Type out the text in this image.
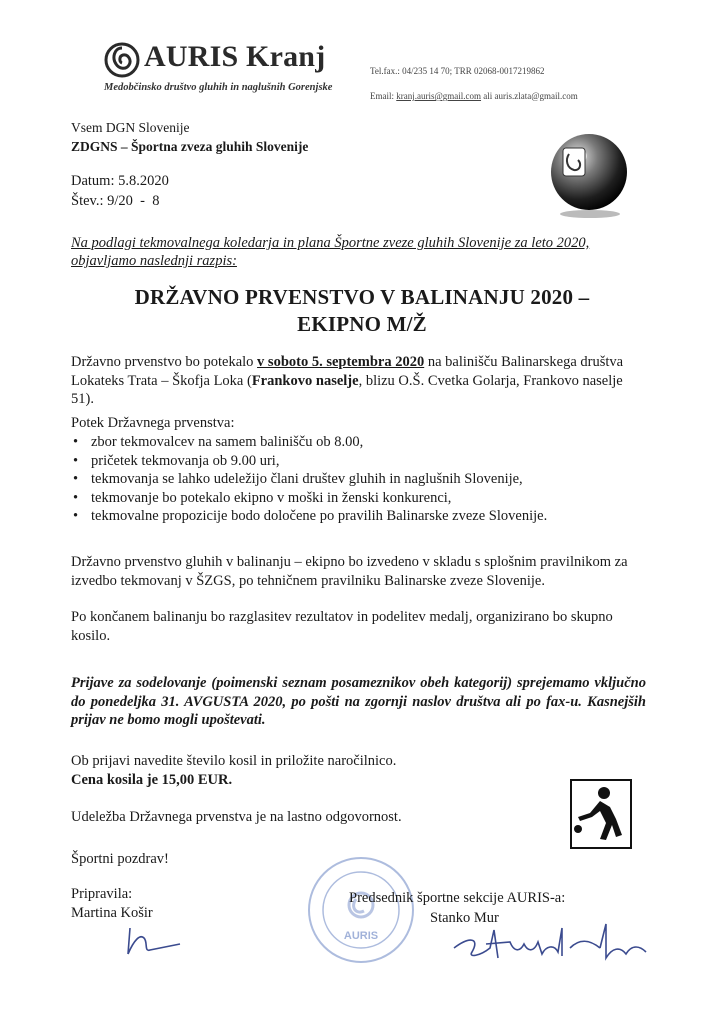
AURIS Kranj
Medobčinsko društvo gluhih in naglušnih Gorenjske
Tel.fax.: 04/235 14 70; TRR 02068-0017219862
Email: kranj.auris@gmail.com ali auris.zlata@gmail.com
Vsem DGN Slovenije
ZDGNS – Športna zveza gluhih Slovenije
Datum: 5.8.2020
Štev.: 9/20  -  8
Na podlagi tekmovalnega koledarja in plana Športne zveze gluhih Slovenije za leto 2020, objavljamo naslednji razpis:
DRŽAVNO PRVENSTVO V BALINANJU 2020 –
EKIPNO M/Ž
Državno prvenstvo bo potekalo v soboto 5. septembra 2020 na balinišču Balinarskega društva Lokateks Trata – Škofja Loka (Frankovo naselje, blizu O.Š. Cvetka Golarja, Frankovo naselje 51).
Potek Državnega prvenstva:
• zbor tekmovalcev na samem balinišču ob 8.00,
• pričetek tekmovanja ob 9.00 uri,
• tekmovanja se lahko udeležijo člani društev gluhih in naglušnih Slovenije,
• tekmovanje bo potekalo ekipno v moški in ženski konkurenci,
• tekmovalne propozicije bodo določene po pravilih Balinarske zveze Slovenije.
Državno prvenstvo gluhih v balinanju – ekipno bo izvedeno v skladu s splošnim pravilnikom za izvedbo tekmovanj v ŠZGS, po tehničnem pravilniku Balinarske zveze Slovenije.
Po končanem balinanju bo razglasitev rezultatov in podelitev medalj, organizirano bo skupno kosilo.
Prijave za sodelovanje (poimenski seznam posameznikov obeh kategorij) sprejemamo vključno do ponedeljka 31. AVGUSTA 2020, po pošti na zgornji naslov društva ali po fax-u. Kasnejših prijav ne bomo mogli upoštevati.
Ob prijavi navedite število kosil in priložite naročilnico.
Cena kosila je 15,00 EUR.
Udeležba Državnega prvenstva je na lastno odgovornost.
Športni pozdrav!
AURIS
Pripravila:
Martina Košir
Predsednik športne sekcije AURIS-a:
Stanko Mur
